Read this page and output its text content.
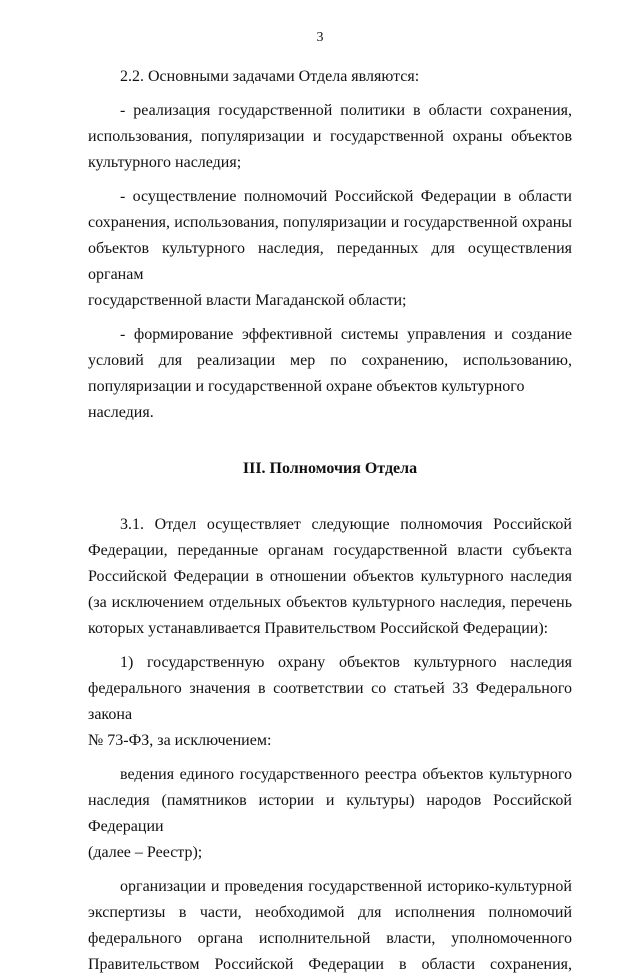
3
2.2. Основными задачами Отдела являются:
- реализация государственной политики в области сохранения,
использования, популяризации и государственной охраны объектов
культурного наследия;
- осуществление полномочий Российской Федерации в области
сохранения, использования, популяризации и государственной охраны
объектов культурного наследия, переданных для осуществления органам
государственной власти Магаданской области;
- формирование эффективной системы управления и создание
условий для реализации мер по сохранению, использованию,
популяризации и государственной охране объектов культурного наследия.
III. Полномочия Отдела
3.1. Отдел осуществляет следующие полномочия Российской
Федерации, переданные органам государственной власти субъекта
Российской Федерации в отношении объектов культурного наследия
(за исключением отдельных объектов культурного наследия, перечень
которых устанавливается Правительством Российской Федерации):
1) государственную охрану объектов культурного наследия
федерального значения в соответствии со статьей 33 Федерального закона
№ 73-ФЗ, за исключением:
ведения единого государственного реестра объектов культурного
наследия (памятников истории и культуры) народов Российской Федерации
(далее – Реестр);
организации и проведения государственной историко-культурной
экспертизы в части, необходимой для исполнения полномочий
федерального органа исполнительной власти, уполномоченного
Правительством Российской Федерации в области сохранения,
